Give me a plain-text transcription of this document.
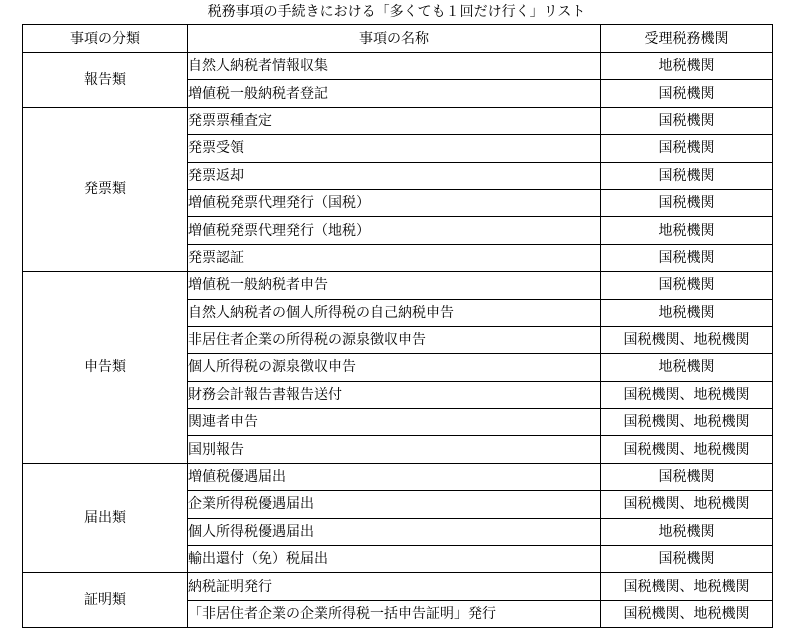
税務事項の手続きにおける「多くても１回だけ行く」リスト
事項の分類	事項の名称	受理税務機関
報告類	自然人納税者情報収集	地税機関
	増値税一般納税者登記	国税機関
発票類	発票票種査定	国税機関
	発票受領	国税機関
	発票返却	国税機関
	増値税発票代理発行（国税）	国税機関
	増値税発票代理発行（地税）	地税機関
	発票認証	国税機関
申告類	増値税一般納税者申告	国税機関
	自然人納税者の個人所得税の自己納税申告	地税機関
	非居住者企業の所得税の源泉徴収申告	国税機関、地税機関
	個人所得税の源泉徴収申告	地税機関
	財務会計報告書報告送付	国税機関、地税機関
	関連者申告	国税機関、地税機関
	国別報告	国税機関、地税機関
届出類	増値税優遇届出	国税機関
	企業所得税優遇届出	国税機関、地税機関
	個人所得税優遇届出	地税機関
	輸出還付（免）税届出	国税機関
証明類	納税証明発行	国税機関、地税機関
	「非居住者企業の企業所得税一括申告証明」発行	国税機関、地税機関
